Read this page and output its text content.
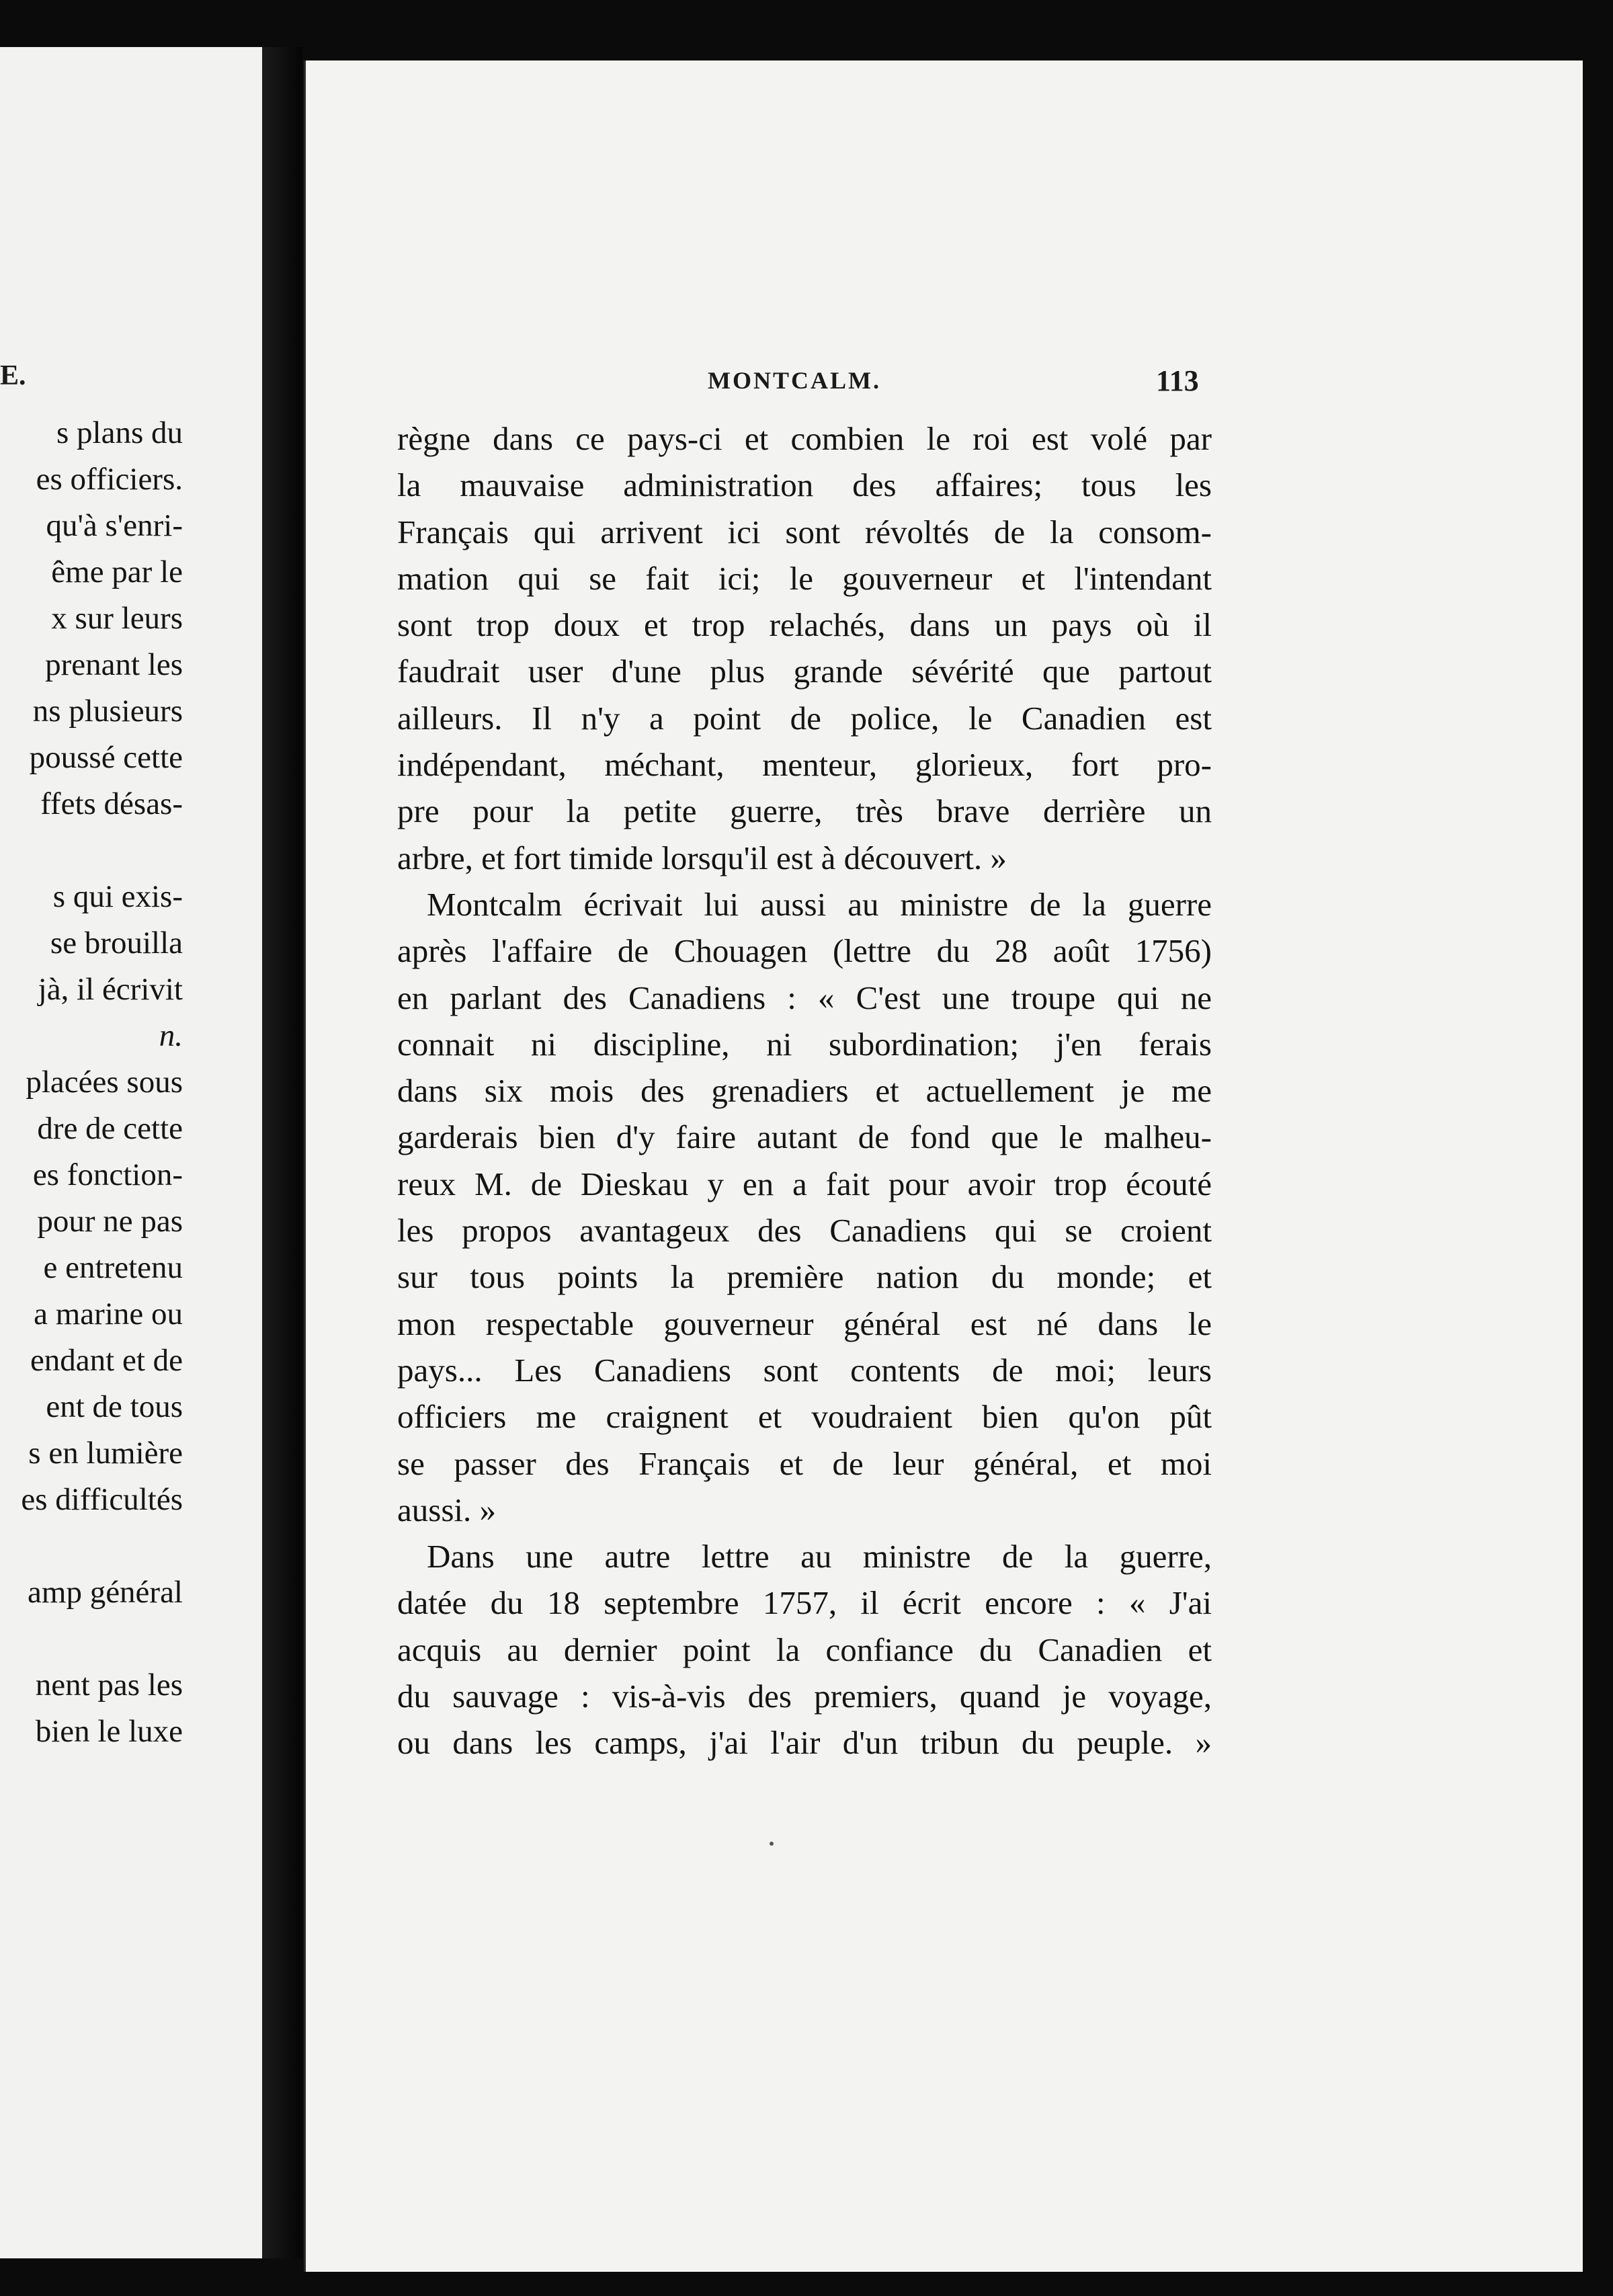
E.
s plans du
es officiers.
qu'à s'enri-
ême par le
x sur leurs
prenant les
ns plusieurs
poussé cette
ffets désas-
s qui exis-
se brouilla
jà, il écrivit
n.
placées sous
dre de cette
es fonction-
pour ne pas
e entretenu
a marine ou
endant et de
ent de tous
s en lumière
es difficultés
amp général
nent pas les
bien le luxe
MONTCALM.	113
règne dans ce pays-ci et combien le roi est volé par
la mauvaise administration des affaires; tous les
Français qui arrivent ici sont révoltés de la consom-
mation qui se fait ici; le gouverneur et l'intendant
sont trop doux et trop relachés, dans un pays où il
faudrait user d'une plus grande sévérité que partout
ailleurs. Il n'y a point de police, le Canadien est
indépendant, méchant, menteur, glorieux, fort pro-
pre pour la petite guerre, très brave derrière un
arbre, et fort timide lorsqu'il est à découvert. »
Montcalm écrivait lui aussi au ministre de la guerre
après l'affaire de Chouagen (lettre du 28 août 1756)
en parlant des Canadiens : « C'est une troupe qui ne
connait ni discipline, ni subordination; j'en ferais
dans six mois des grenadiers et actuellement je me
garderais bien d'y faire autant de fond que le malheu-
reux M. de Dieskau y en a fait pour avoir trop écouté
les propos avantageux des Canadiens qui se croient
sur tous points la première nation du monde; et
mon respectable gouverneur général est né dans le
pays... Les Canadiens sont contents de moi; leurs
officiers me craignent et voudraient bien qu'on pût
se passer des Français et de leur général, et moi
aussi. »
Dans une autre lettre au ministre de la guerre,
datée du 18 septembre 1757, il écrit encore : « J'ai
acquis au dernier point la confiance du Canadien et
du sauvage : vis-à-vis des premiers, quand je voyage,
ou dans les camps, j'ai l'air d'un tribun du peuple. »
